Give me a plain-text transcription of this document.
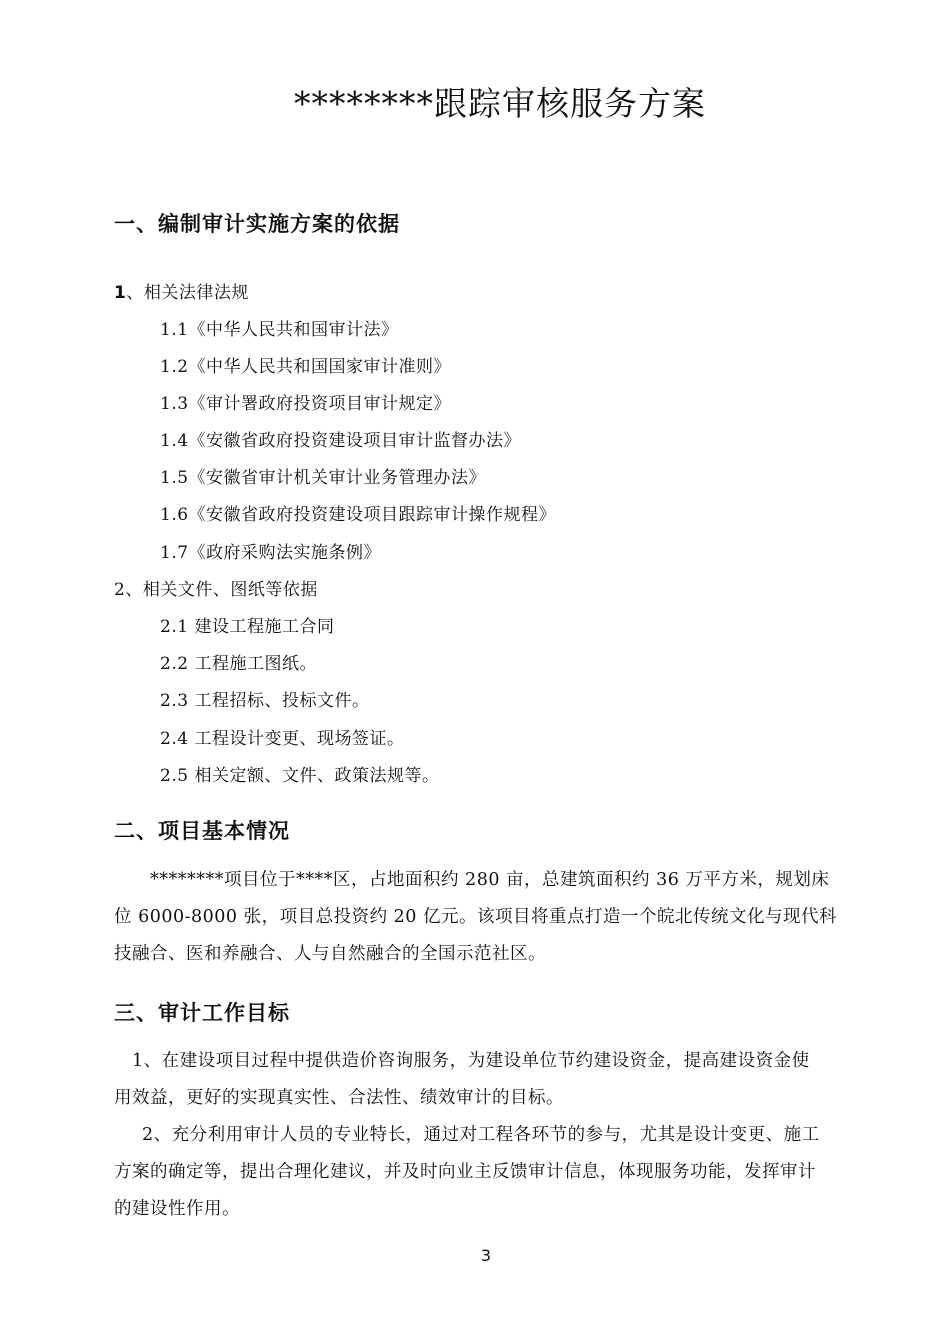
********跟踪审核服务方案
一、编制审计实施方案的依据
1、相关法律法规
1.1《中华人民共和国审计法》
1.2《中华人民共和国国家审计准则》
1.3《审计署政府投资项目审计规定》
1.4《安徽省政府投资建设项目审计监督办法》
1.5《安徽省审计机关审计业务管理办法》
1.6《安徽省政府投资建设项目跟踪审计操作规程》
1.7《政府采购法实施条例》
2、相关文件、图纸等依据
2.1 建设工程施工合同
2.2 工程施工图纸。
2.3 工程招标、投标文件。
2.4 工程设计变更、现场签证。
2.5 相关定额、文件、政策法规等。
二、项目基本情况
********项目位于****区，占地面积约 280 亩，总建筑面积约 36 万平方米，规划床
位 6000-8000 张，项目总投资约 20 亿元。该项目将重点打造一个皖北传统文化与现代科
技融合、医和养融合、人与自然融合的全国示范社区。
三、审计工作目标
1、在建设项目过程中提供造价咨询服务，为建设单位节约建设资金，提高建设资金使
用效益，更好的实现真实性、合法性、绩效审计的目标。
2、充分利用审计人员的专业特长，通过对工程各环节的参与，尤其是设计变更、施工
方案的确定等，提出合理化建议，并及时向业主反馈审计信息，体现服务功能，发挥审计
的建设性作用。
3
